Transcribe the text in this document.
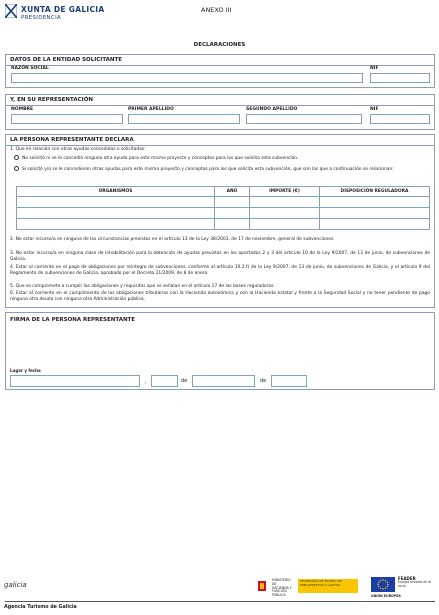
XUNTA DE GALICIA
PRESIDENCIA
ANEXO III
DECLARACIONES
DATOS DE LA ENTIDAD SOLICITANTE
RAZÓN SOCIAL	NIF
Y, EN SU REPRESENTACIÓN
NOMBRE	PRIMER APELLIDO	SEGUNDO APELLIDO	NIF
LA PERSONA REPRESENTANTE DECLARA
1. Que en relación con otras ayudas concedidas o solicitadas:
No solicitó ni se le concedió ninguna otra ayuda para este mismo proyecto y conceptos para los que solicita esta subvención.
Sí solicitó y/o se le concedieron otras ayudas para este mismo proyecto y conceptos para los que solicita esta subvención, que son las que a continuación se relacionan:
ORGANISMOS	AÑO	IMPORTE (€)	DISPOSICIÓN REGULADORA

2. No estar incurso/a en ninguna de las circunstancias previstas en el artículo 13 de la Ley 38/2003, de 17 de noviembre, general de subvenciones.
3. No estar incurso/a en ninguna clase de inhabilitación para la obtención de ayudas previstas en los apartados 2 y 3 del artículo 10 de la Ley 9/2007, de 13 de junio, de subvenciones de Galicia.
4. Estar al corriente en el pago de obligaciones por reintegro de subvenciones, conforme al artículo 10.2.f) de la Ley 9/2007, de 13 de junio, de subvenciones de Galicia, y el artículo 9 del Reglamento de subvenciones de Galicia, aprobado por el Decreto 11/2009, de 8 de enero.
5. Que se compromete a cumplir las obligaciones y requisitos que se señalan en el artículo 17 de las bases reguladoras.
6. Estar al corriente en el cumplimiento de las obligaciones tributarias con la Hacienda autonómica y con la Hacienda estatal y frente a la Seguridad Social y no tener pendiente de pago ninguna otra deuda con ninguna otra Administración pública.
FIRMA DE LA PERSONA REPRESENTANTE
Lugar y fecha
,	de	de
galicia
MINISTERIO DE HACIENDA Y FUNCIÓN PÚBLICA
SECRETARÍA DE ESTADO DE PRESUPUESTOS Y GASTOS
UNIÓN EUROPEA
FEADER
Europa invierte en el rural
Agencia Turismo de Galicia
